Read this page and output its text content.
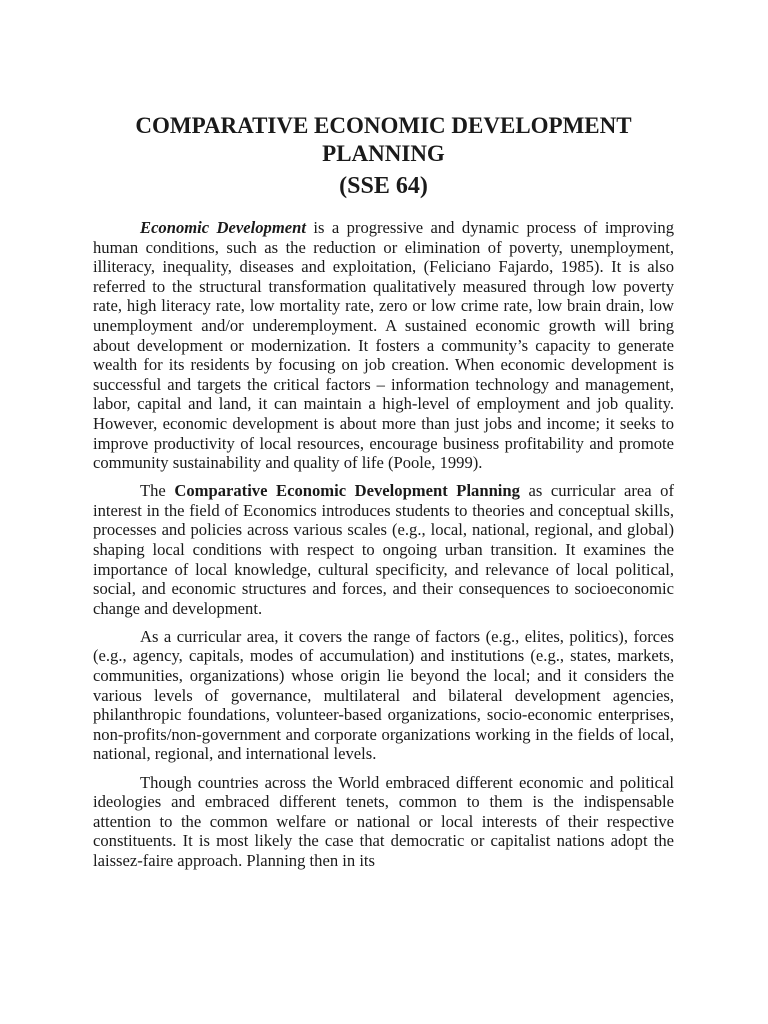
COMPARATIVE ECONOMIC DEVELOPMENT
PLANNING
(SSE 64)

Economic Development is a progressive and dynamic process of improving human conditions, such as the reduction or elimination of poverty, unemployment, illiteracy, inequality, diseases and exploitation, (Feliciano Fajardo, 1985). It is also referred to the structural transformation qualitatively measured through low poverty rate, high literacy rate, low mortality rate, zero or low crime rate, low brain drain, low unemployment and/or underemployment. A sustained economic growth will bring about development or modernization. It fosters a community’s capacity to generate wealth for its residents by focusing on job creation. When economic development is successful and targets the critical factors – information technology and management, labor, capital and land, it can maintain a high-level of employment and job quality. However, economic development is about more than just jobs and income; it seeks to improve productivity of local resources, encourage business profitability and promote community sustainability and quality of life (Poole, 1999).

The Comparative Economic Development Planning as curricular area of interest in the field of Economics introduces students to theories and conceptual skills, processes and policies across various scales (e.g., local, national, regional, and global) shaping local conditions with respect to ongoing urban transition. It examines the importance of local knowledge, cultural specificity, and relevance of local political, social, and economic structures and forces, and their consequences to socioeconomic change and development.

As a curricular area, it covers the range of factors (e.g., elites, politics), forces (e.g., agency, capitals, modes of accumulation) and institutions (e.g., states, markets, communities, organizations) whose origin lie beyond the local; and it considers the various levels of governance, multilateral and bilateral development agencies, philanthropic foundations, volunteer-based organizations, socio-economic enterprises, non-profits/non-government and corporate organizations working in the fields of local, national, regional, and international levels.

Though countries across the World embraced different economic and political ideologies and embraced different tenets, common to them is the indispensable attention to the common welfare or national or local interests of their respective constituents. It is most likely the case that democratic or capitalist nations adopt the laissez-faire approach. Planning then in its
